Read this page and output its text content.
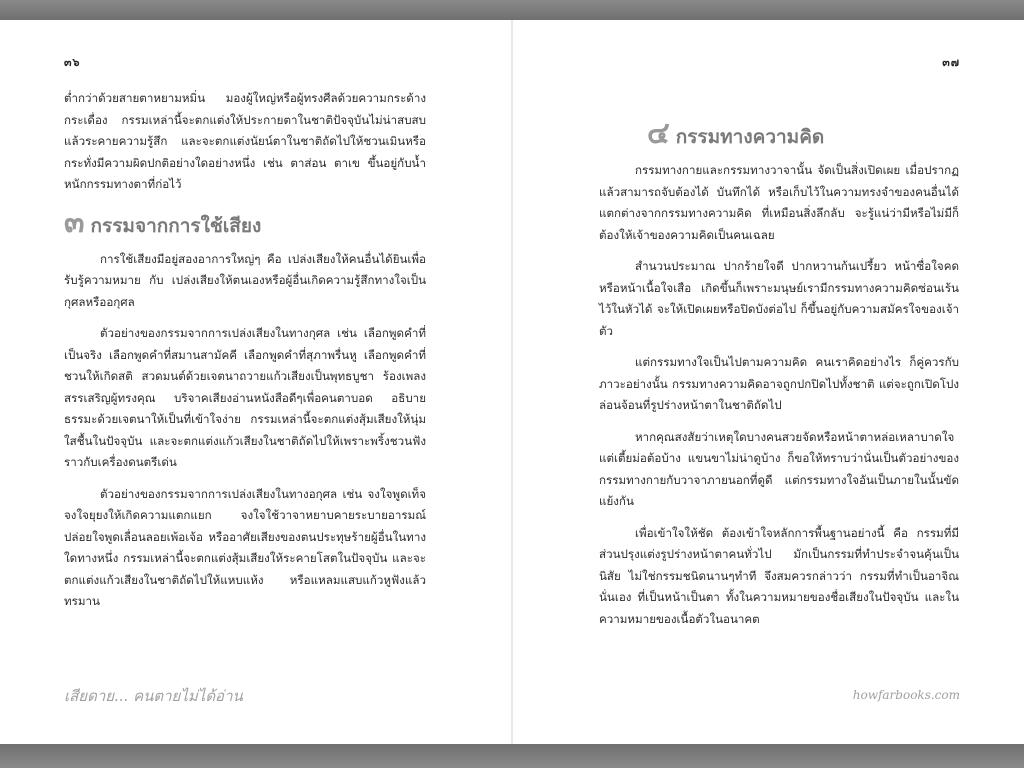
๓๖

ต่ำกว่าด้วยสายตาหยามหมิ่น มองผู้ใหญ่หรือผู้ทรงศีลด้วยความกระด้างกระเดื่อง กรรมเหล่านี้จะตกแต่งให้ประกายตาในชาติปัจจุบันไม่น่าสบสบแล้วระคายความรู้สึก และจะตกแต่งนัยน์ตาในชาติถัดไปให้ชวนเมินหรือกระทั่งมีความผิดปกติอย่างใดอย่างหนึ่ง เช่น ตาส่อน ตาเข ขึ้นอยู่กับน้ำหนักกรรมทางตาที่ก่อไว้

๓ กรรมจากการใช้เสียง

การใช้เสียงมีอยู่สองอาการใหญ่ๆ คือ เปล่งเสียงให้คนอื่นได้ยินเพื่อรับรู้ความหมาย กับ เปล่งเสียงให้ตนเองหรือผู้อื่นเกิดความรู้สึกทางใจเป็นกุศลหรืออกุศล

ตัวอย่างของกรรมจากการเปล่งเสียงในทางกุศล เช่น เลือกพูดคำที่เป็นจริง เลือกพูดคำที่สมานสามัคคี เลือกพูดคำที่สุภาพรื่นหู เลือกพูดคำที่ชวนให้เกิดสติ สวดมนต์ด้วยเจตนาถวายแก้วเสียงเป็นพุทธบูชา ร้องเพลงสรรเสริญผู้ทรงคุณ บริจาคเสียงอ่านหนังสือดีๆเพื่อคนตาบอด อธิบายธรรมะด้วยเจตนาให้เป็นที่เข้าใจง่าย กรรมเหล่านี้จะตกแต่งสุ้มเสียงให้นุ่มใสชื้นในปัจจุบัน และจะตกแต่งแก้วเสียงในชาติถัดไปให้เพราะพริ้งชวนฟังราวกับเครื่องดนตรีเด่น

ตัวอย่างของกรรมจากการเปล่งเสียงในทางอกุศล เช่น จงใจพูดเท็จ จงใจยุยงให้เกิดความแตกแยก จงใจใช้วาจาหยาบคายระบายอารมณ์ ปล่อยใจพูดเลื่อนลอยเพ้อเจ้อ หรืออาศัยเสียงของตนประทุษร้ายผู้อื่นในทางใดทางหนึ่ง กรรมเหล่านี้จะตกแต่งสุ้มเสียงให้ระคายโสตในปัจจุบัน และจะตกแต่งแก้วเสียงในชาติถัดไปให้แหบแห้ง หรือแหลมแสบแก้วหูฟังแล้วทรมาน

เสียดาย... คนตายไม่ได้อ่าน
๓๗
๔ กรรมทางความคิด

กรรมทางกายและกรรมทางวาจานั้น จัดเป็นสิ่งเปิดเผย เมื่อปรากฏแล้วสามารถจับต้องได้ บันทึกได้ หรือเก็บไว้ในความทรงจำของคนอื่นได้ แตกต่างจากกรรมทางความคิด ที่เหมือนสิ่งลึกลับ จะรู้แน่ว่ามีหรือไม่มีก็ต้องให้เจ้าของความคิดเป็นคนเฉลย

สำนวนประมาณ ปากร้ายใจดี ปากหวานก้นเปรี้ยว หน้าซื่อใจคด หรือหน้าเนื้อใจเสือ เกิดขึ้นก็เพราะมนุษย์เรามีกรรมทางความคิดซ่อนเร้นไว้ในหัวได้ จะให้เปิดเผยหรือปิดบังต่อไป ก็ขึ้นอยู่กับความสมัครใจของเจ้าตัว

แต่กรรมทางใจเป็นไปตามความคิด คนเราคิดอย่างไร ก็คู่ควรกับภาวะอย่างนั้น กรรมทางความคิดอาจถูกปกปิดไปทั้งชาติ แต่จะถูกเปิดโปงล่อนจ้อนที่รูปร่างหน้าตาในชาติถัดไป

หากคุณสงสัยว่าเหตุใดบางคนสวยจัดหรือหน้าตาหล่อเหลาบาดใจแต่เตี้ยม่อต้อบ้าง แขนขาไม่น่าดูบ้าง ก็ขอให้ทราบว่านั่นเป็นตัวอย่างของกรรมทางกายกับวาจาภายนอกที่ดูดี แต่กรรมทางใจอันเป็นภายในนั้นขัดแย้งกัน

เพื่อเข้าใจให้ชัด ต้องเข้าใจหลักการพื้นฐานอย่างนี้ คือ กรรมที่มีส่วนปรุงแต่งรูปร่างหน้าตาคนทั่วไป มักเป็นกรรมที่ทำประจำจนคุ้นเป็นนิสัย ไม่ใช่กรรมชนิดนานๆทำที จึงสมควรกล่าวว่า กรรมที่ทำเป็นอาจิณนั่นเอง ที่เป็นหน้าเป็นตา ทั้งในความหมายของชื่อเสียงในปัจจุบัน และในความหมายของเนื้อตัวในอนาคต

howfarbooks.com
